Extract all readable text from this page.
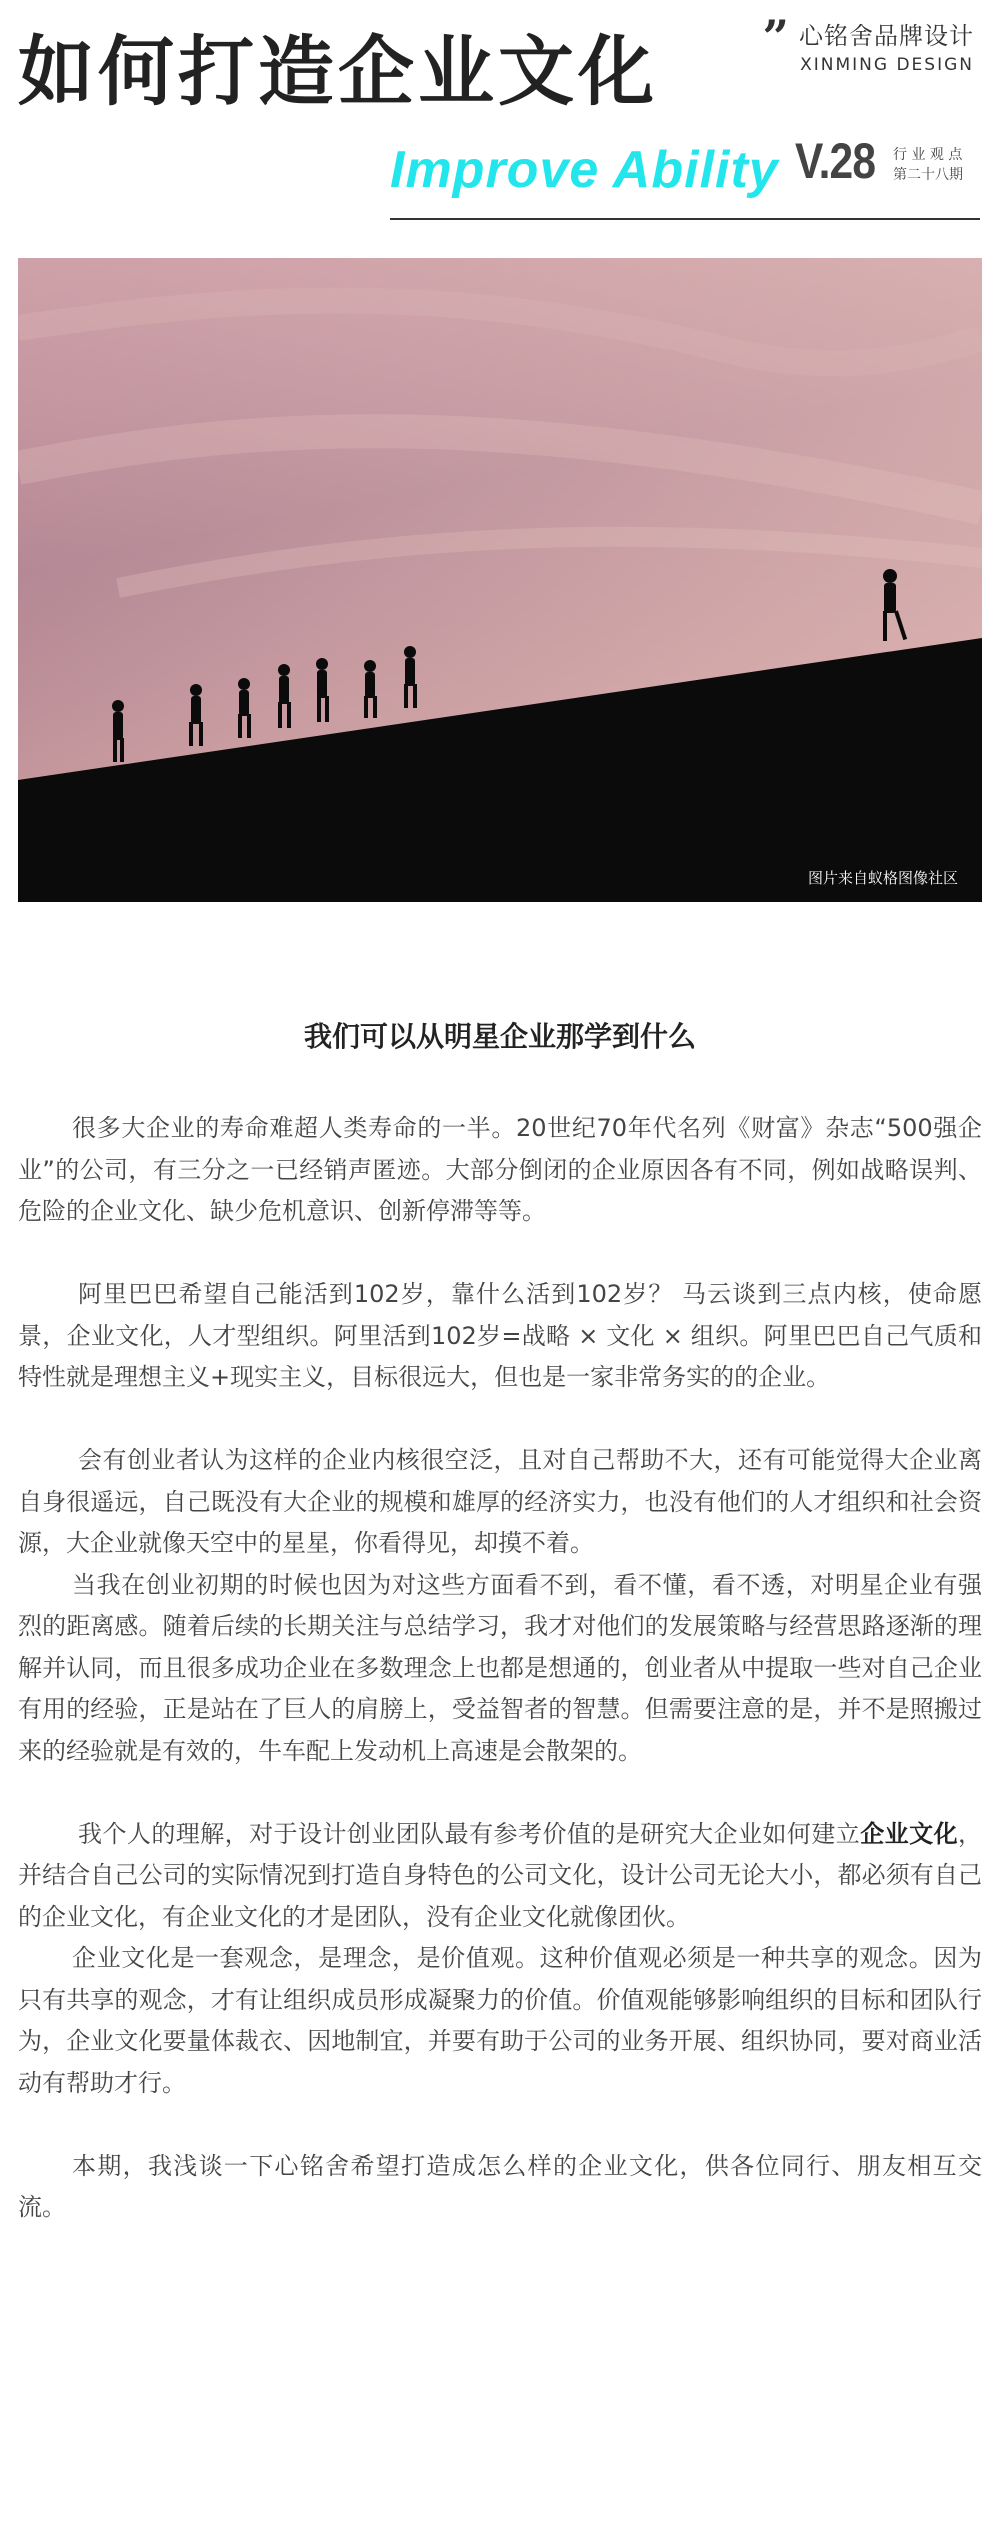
如何打造企业文化 ” 心铭舍品牌设计
XINMING DESIGN
Improve Ability V.28 行 业 观 点
第二十八期
图片来自蚁格图像社区
我们可以从明星企业那学到什么

很多大企业的寿命难超人类寿命的一半。20世纪70年代名列《财富》杂志“500强企业”的公司，有三分之一已经销声匿迹。大部分倒闭的企业原因各有不同，例如战略误判、危险的企业文化、缺少危机意识、创新停滞等等。

阿里巴巴希望自己能活到102岁，靠什么活到102岁？ 马云谈到三点内核，使命愿景，企业文化，人才型组织。阿里活到102岁=战略 × 文化 × 组织。阿里巴巴自己气质和特性就是理想主义+现实主义，目标很远大，但也是一家非常务实的的企业。

会有创业者认为这样的企业内核很空泛，且对自己帮助不大，还有可能觉得大企业离自身很遥远，自己既没有大企业的规模和雄厚的经济实力，也没有他们的人才组织和社会资源，大企业就像天空中的星星，你看得见，却摸不着。

当我在创业初期的时候也因为对这些方面看不到，看不懂，看不透，对明星企业有强烈的距离感。随着后续的长期关注与总结学习，我才对他们的发展策略与经营思路逐渐的理解并认同，而且很多成功企业在多数理念上也都是想通的，创业者从中提取一些对自己企业有用的经验，正是站在了巨人的肩膀上，受益智者的智慧。但需要注意的是，并不是照搬过来的经验就是有效的，牛车配上发动机上高速是会散架的。

我个人的理解，对于设计创业团队最有参考价值的是研究大企业如何建立企业文化，并结合自己公司的实际情况到打造自身特色的公司文化，设计公司无论大小，都必须有自己的企业文化，有企业文化的才是团队，没有企业文化就像团伙。

企业文化是一套观念，是理念，是价值观。这种价值观必须是一种共享的观念。因为只有共享的观念，才有让组织成员形成凝聚力的价值。价值观能够影响组织的目标和团队行为，企业文化要量体裁衣、因地制宜，并要有助于公司的业务开展、组织协同，要对商业活动有帮助才行。

本期，我浅谈一下心铭舍希望打造成怎么样的企业文化，供各位同行、朋友相互交流。
